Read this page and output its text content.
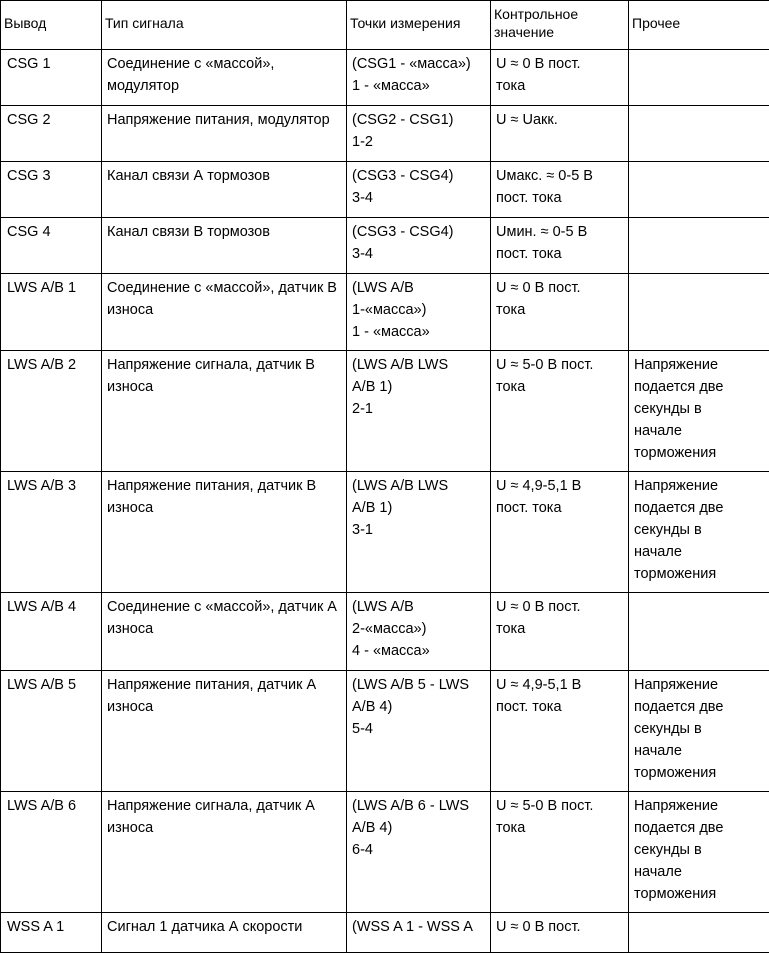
Вывод	Тип сигнала	Точки измерения	Контрольное
значение	Прочее

CSG 1	Соединение с «массой», модулятор	(CSG1 - «масса»)
1 - «масса»	U ≈ 0 В пост.
тока	

CSG 2	Напряжение питания, модулятор	(CSG2 - CSG1)
1-2	U ≈ Uакк.	

CSG 3	Канал связи А тормозов	(CSG3 - CSG4)
3-4	Uмакс. ≈ 0-5 В
пост. тока	

CSG 4	Канал связи В тормозов	(CSG3 - CSG4)
3-4	Uмин. ≈ 0-5 В
пост. тока	

LWS A/B 1	Соединение с «массой», датчик В износа	(LWS A/B
1-«масса»)
1 - «масса»	U ≈ 0 В пост.
тока	

LWS A/B 2	Напряжение сигнала, датчик В износа	(LWS A/B LWS
A/B 1)
2-1	U ≈ 5-0 В пост.
тока	Напряжение
подается две
секунды в
начале
торможения

LWS A/B 3	Напряжение питания, датчик В износа	(LWS A/B LWS
A/B 1)
3-1	U ≈ 4,9-5,1 В
пост. тока	Напряжение
подается две
секунды в
начале
торможения

LWS A/B 4	Соединение с «массой», датчик А износа	(LWS A/B
2-«масса»)
4 - «масса»	U ≈ 0 В пост.
тока	

LWS A/B 5	Напряжение питания, датчик А износа	(LWS A/B 5 - LWS
A/B 4)
5-4	U ≈ 4,9-5,1 В
пост. тока	Напряжение
подается две
секунды в
начале
торможения

LWS A/B 6	Напряжение сигнала, датчик А износа	(LWS A/B 6 - LWS
A/B 4)
6-4	U ≈ 5-0 В пост.
тока	Напряжение
подается две
секунды в
начале
торможения

WSS A 1	Сигнал 1 датчика А скорости	(WSS A 1 - WSS A	U ≈ 0 В пост.	
